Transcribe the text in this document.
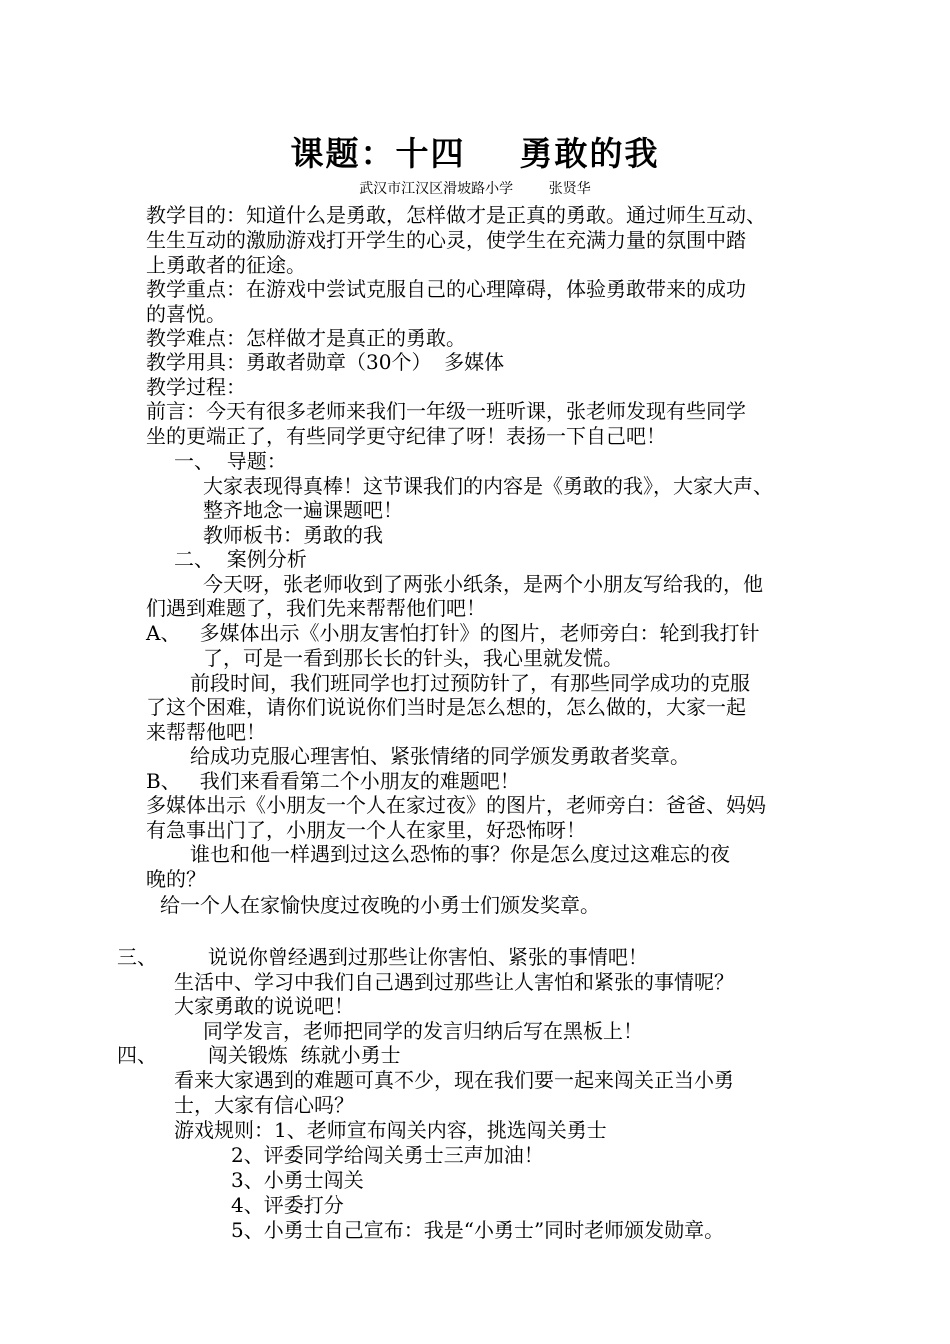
课题：十四    勇敢的我
武汉市江汉区滑坡路小学        张贤华
教学目的：知道什么是勇敢，怎样做才是正真的勇敢。通过师生互动、
生生互动的激励游戏打开学生的心灵，使学生在充满力量的氛围中踏
上勇敢者的征途。
教学重点：在游戏中尝试克服自己的心理障碍，体验勇敢带来的成功
的喜悦。
教学难点：怎样做才是真正的勇敢。
教学用具：勇敢者勋章（30个）  多媒体
教学过程：
前言：今天有很多老师来我们一年级一班听课，张老师发现有些同学
坐的更端正了，有些同学更守纪律了呀！表扬一下自己吧！
一、  导题：
大家表现得真棒！这节课我们的内容是《勇敢的我》，大家大声、
整齐地念一遍课题吧！
教师板书：勇敢的我
二、  案例分析
今天呀，张老师收到了两张小纸条，是两个小朋友写给我的，他
们遇到难题了，我们先来帮帮他们吧！
A、   多媒体出示《小朋友害怕打针》的图片，老师旁白：轮到我打针
了，可是一看到那长长的针头，我心里就发慌。
前段时间，我们班同学也打过预防针了，有那些同学成功的克服
了这个困难，请你们说说你们当时是怎么想的，怎么做的，大家一起
来帮帮他吧！
给成功克服心理害怕、紧张情绪的同学颁发勇敢者奖章。
B、   我们来看看第二个小朋友的难题吧！
多媒体出示《小朋友一个人在家过夜》的图片，老师旁白：爸爸、妈妈
有急事出门了，小朋友一个人在家里，好恐怖呀！
谁也和他一样遇到过这么恐怖的事？你是怎么度过这难忘的夜
晚的？
给一个人在家愉快度过夜晚的小勇士们颁发奖章。
三、        说说你曾经遇到过那些让你害怕、紧张的事情吧！
生活中、学习中我们自己遇到过那些让人害怕和紧张的事情呢？
大家勇敢的说说吧！
同学发言，老师把同学的发言归纳后写在黑板上！
四、        闯关锻炼  练就小勇士
看来大家遇到的难题可真不少，现在我们要一起来闯关正当小勇
士，大家有信心吗？
游戏规则：1、老师宣布闯关内容，挑选闯关勇士
2、评委同学给闯关勇士三声加油！
3、小勇士闯关
4、评委打分
5、小勇士自己宣布：我是“小勇士”同时老师颁发勋章。
